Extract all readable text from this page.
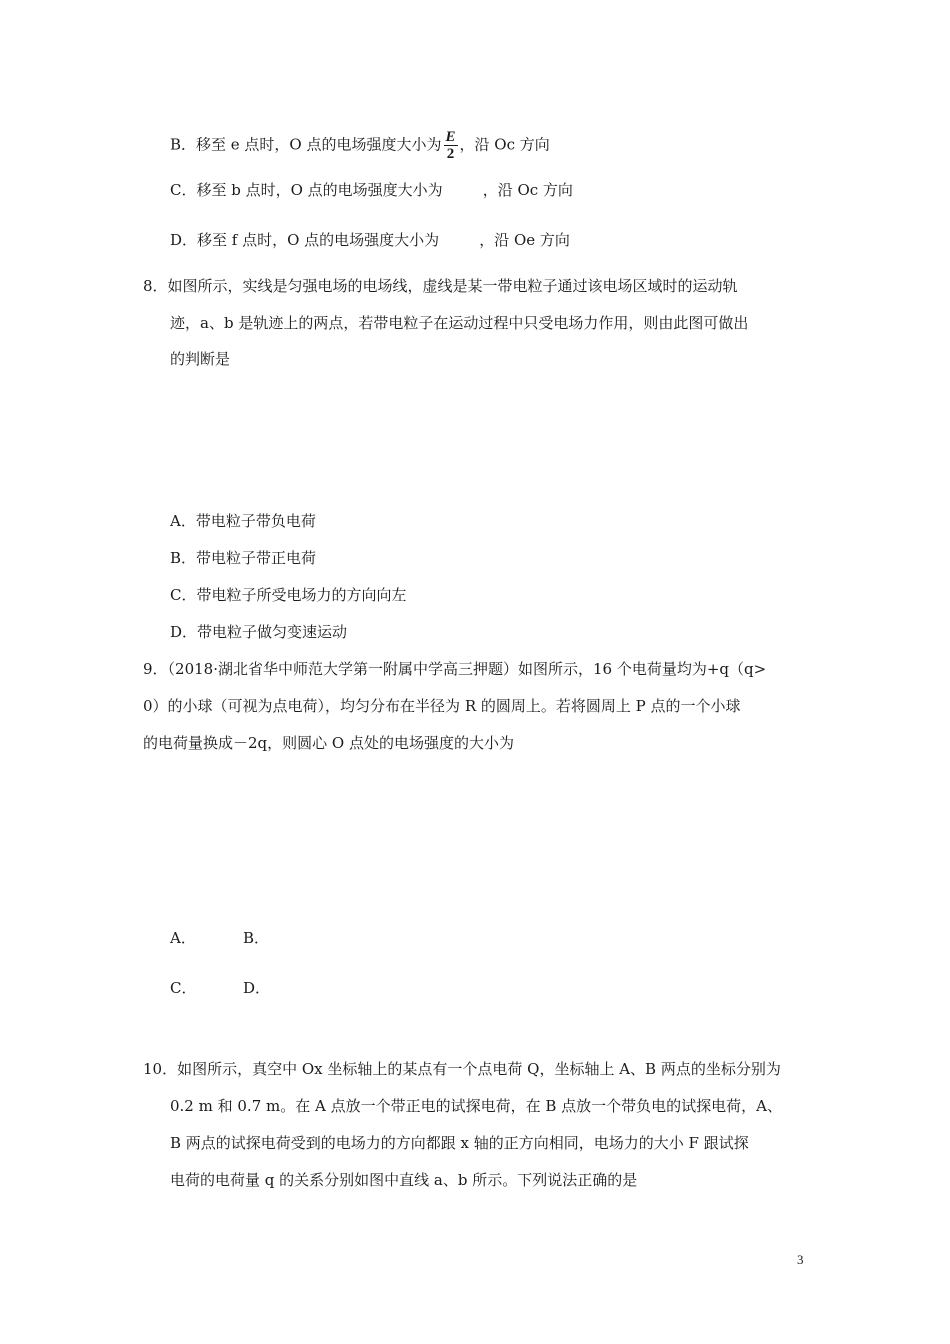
B．移至 e 点时，O 点的电场强度大小为 $\frac{E}{2}$ ，沿 Oc 方向
C．移至 b 点时，O 点的电场强度大小为	，沿 Oc 方向
D．移至 f 点时，O 点的电场强度大小为	，沿 Oe 方向
8．如图所示，实线是匀强电场的电场线，虚线是某一带电粒子通过该电场区域时的运动轨
迹，a、b 是轨迹上的两点，若带电粒子在运动过程中只受电场力作用，则由此图可做出
的判断是
A．带电粒子带负电荷
B．带电粒子带正电荷
C．带电粒子所受电场力的方向向左
D．带电粒子做匀变速运动
9．（2018·湖北省华中师范大学第一附属中学高三押题）如图所示，16 个电荷量均为+q（q>
0）的小球（可视为点电荷），均匀分布在半径为 R 的圆周上。若将圆周上 P 点的一个小球
的电荷量换成－2q，则圆心 O 点处的电场强度的大小为
A．	B．
C．	D．
10．如图所示，真空中 Ox 坐标轴上的某点有一个点电荷 Q，坐标轴上 A、B 两点的坐标分别为
0.2 m 和 0.7 m。在 A 点放一个带正电的试探电荷，在 B 点放一个带负电的试探电荷，A、
B 两点的试探电荷受到的电场力的方向都跟 x 轴的正方向相同，电场力的大小 F 跟试探
电荷的电荷量 q 的关系分别如图中直线 a、b 所示。下列说法正确的是
3
